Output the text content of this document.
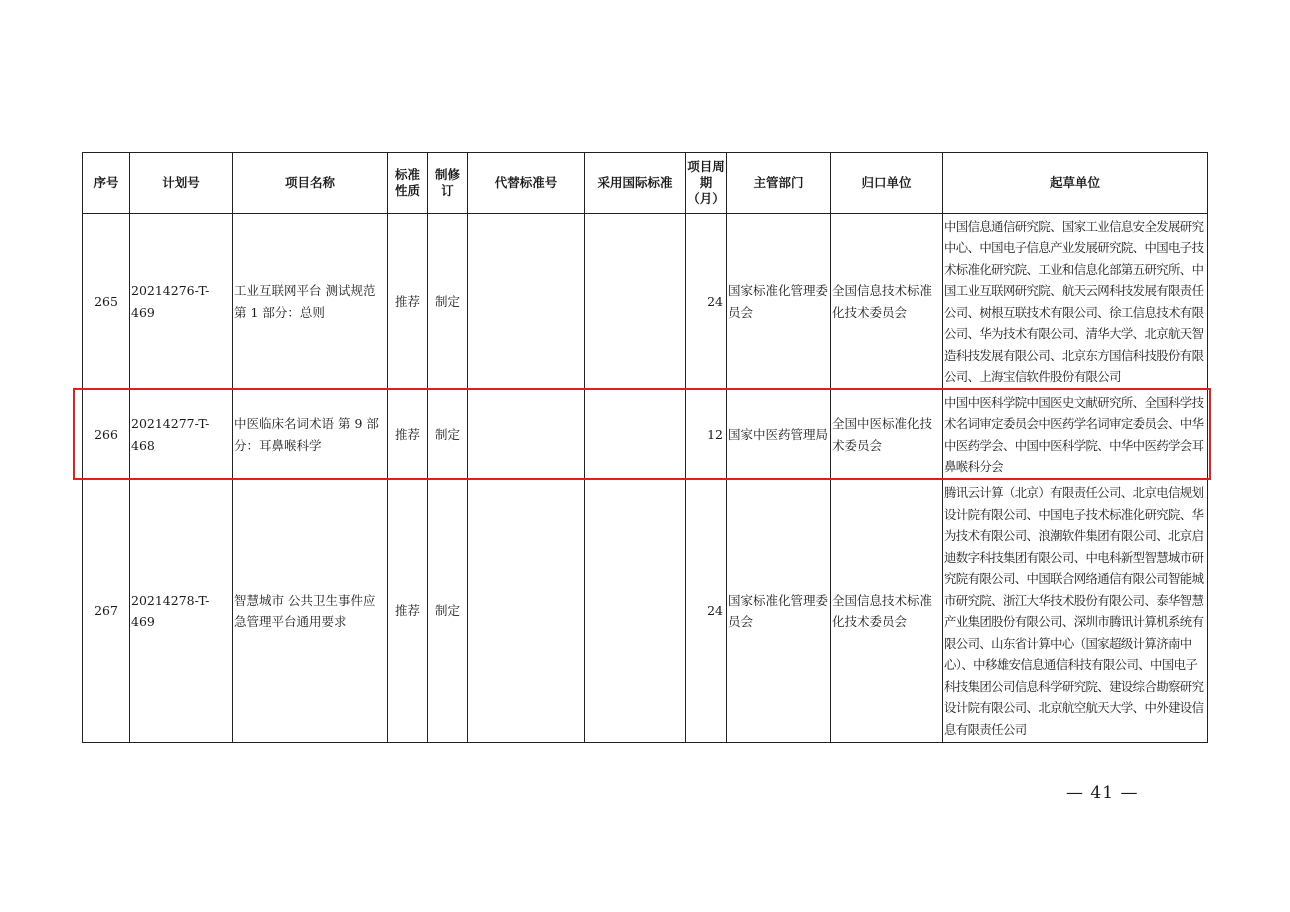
序号	计划号	项目名称	标准性质	制修订	代替标准号	采用国际标准	项目周期（月）	主管部门	归口单位	起草单位
265	20214276-T-469	工业互联网平台 测试规范 第 1 部分：总则	推荐	制定			24	国家标准化管理委员会	全国信息技术标准化技术委员会	中国信息通信研究院、国家工业信息安全发展研究中心、中国电子信息产业发展研究院、中国电子技术标准化研究院、工业和信息化部第五研究所、中国工业互联网研究院、航天云网科技发展有限责任公司、树根互联技术有限公司、徐工信息技术有限公司、华为技术有限公司、清华大学、北京航天智造科技发展有限公司、北京东方国信科技股份有限公司、上海宝信软件股份有限公司
266	20214277-T-468	中医临床名词术语 第 9 部分：耳鼻喉科学	推荐	制定			12	国家中医药管理局	全国中医标准化技术委员会	中国中医科学院中国医史文献研究所、全国科学技术名词审定委员会中医药学名词审定委员会、中华中医药学会、中国中医科学院、中华中医药学会耳鼻喉科分会
267	20214278-T-469	智慧城市 公共卫生事件应急管理平台通用要求	推荐	制定			24	国家标准化管理委员会	全国信息技术标准化技术委员会	腾讯云计算（北京）有限责任公司、北京电信规划设计院有限公司、中国电子技术标准化研究院、华为技术有限公司、浪潮软件集团有限公司、北京启迪数字科技集团有限公司、中电科新型智慧城市研究院有限公司、中国联合网络通信有限公司智能城市研究院、浙江大华技术股份有限公司、泰华智慧产业集团股份有限公司、深圳市腾讯计算机系统有限公司、山东省计算中心（国家超级计算济南中心）、中移雄安信息通信科技有限公司、中国电子科技集团公司信息科学研究院、建设综合勘察研究设计院有限公司、北京航空航天大学、中外建设信息有限责任公司
— 41 —
